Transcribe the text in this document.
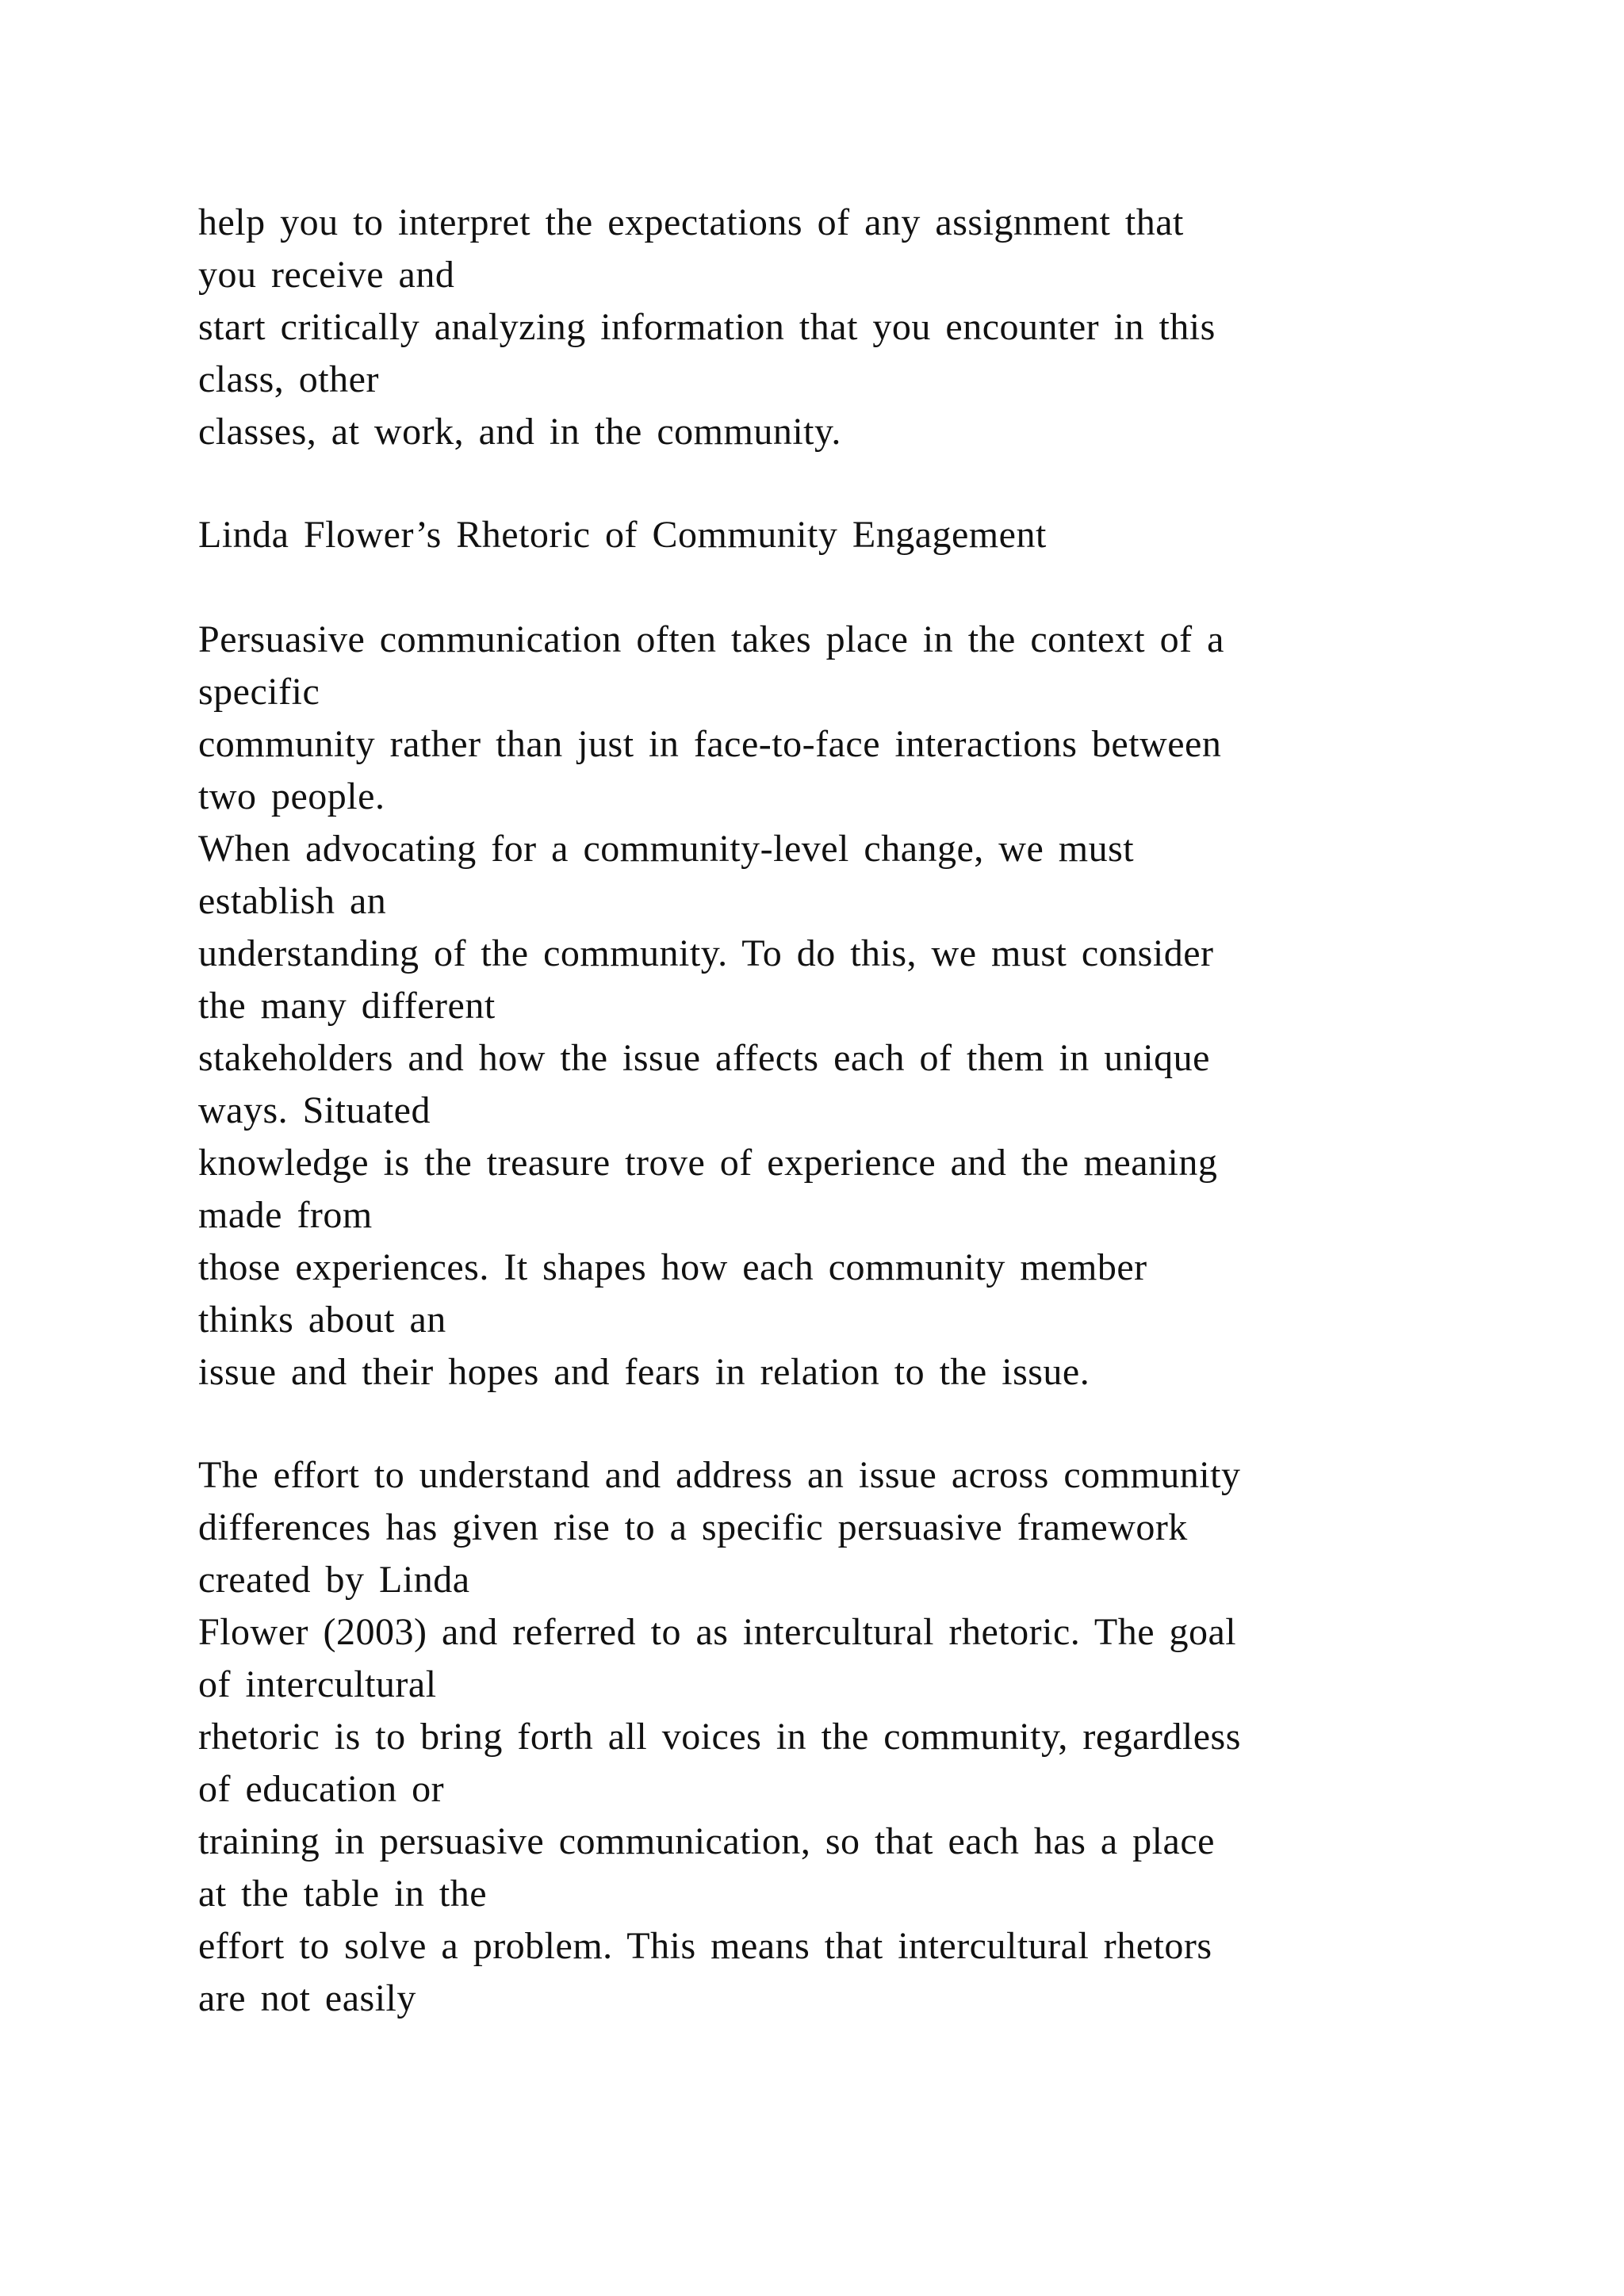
help you to interpret the expectations of any assignment that
you receive and
start critically analyzing information that you encounter in this
class, other
classes, at work, and in the community.
Linda Flower’s Rhetoric of Community Engagement
Persuasive communication often takes place in the context of a
specific
community rather than just in face-to-face interactions between
two people.
When advocating for a community-level change, we must
establish an
understanding of the community. To do this, we must consider
the many different
stakeholders and how the issue affects each of them in unique
ways. Situated
knowledge is the treasure trove of experience and the meaning
made from
those experiences. It shapes how each community member
thinks about an
issue and their hopes and fears in relation to the issue.
The effort to understand and address an issue across community
differences has given rise to a specific persuasive framework
created by Linda
Flower (2003) and referred to as intercultural rhetoric. The goal
of intercultural
rhetoric is to bring forth all voices in the community, regardless
of education or
training in persuasive communication, so that each has a place
at the table in the
effort to solve a problem. This means that intercultural rhetors
are not easily
